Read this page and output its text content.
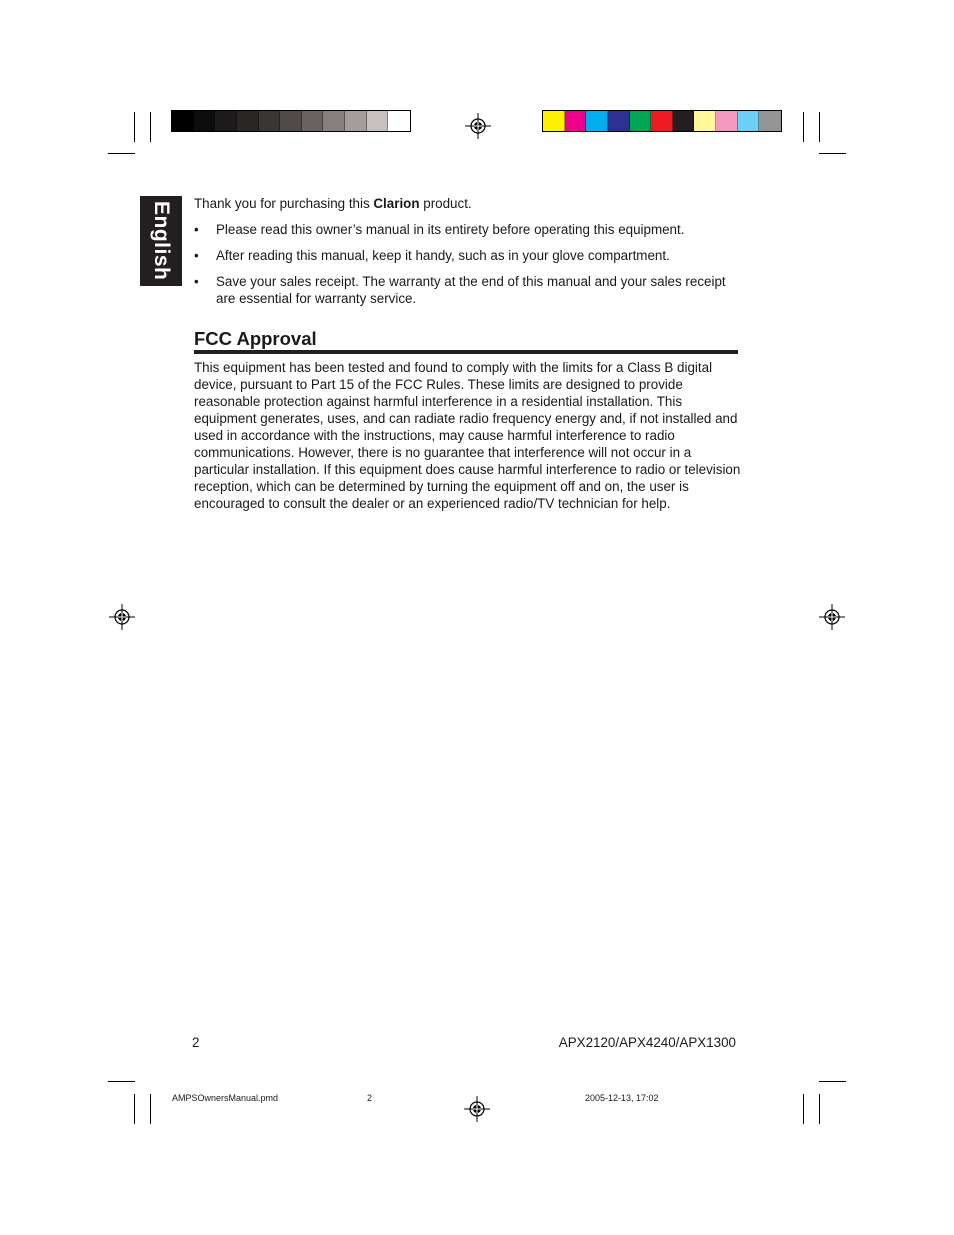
English Thank you for purchasing this Clarion product.
• Please read this owner’s manual in its entirety before operating this equipment.
• After reading this manual, keep it handy, such as in your glove compartment.
• Save your sales receipt. The warranty at the end of this manual and your sales receipt are essential for warranty service.
FCC Approval
This equipment has been tested and found to comply with the limits for a Class B digital device, pursuant to Part 15 of the FCC Rules. These limits are designed to provide reasonable protection against harmful interference in a residential installation. This equipment generates, uses, and can radiate radio frequency energy and, if not installed and used in accordance with the instructions, may cause harmful interference to radio communications. However, there is no guarantee that interference will not occur in a particular installation. If this equipment does cause harmful interference to radio or television reception, which can be determined by turning the equipment off and on, the user is encouraged to consult the dealer or an experienced radio/TV technician for help.
2	APX2120/APX4240/APX1300
AMPSOwnersManual.pmd	2	2005-12-13, 17:02
